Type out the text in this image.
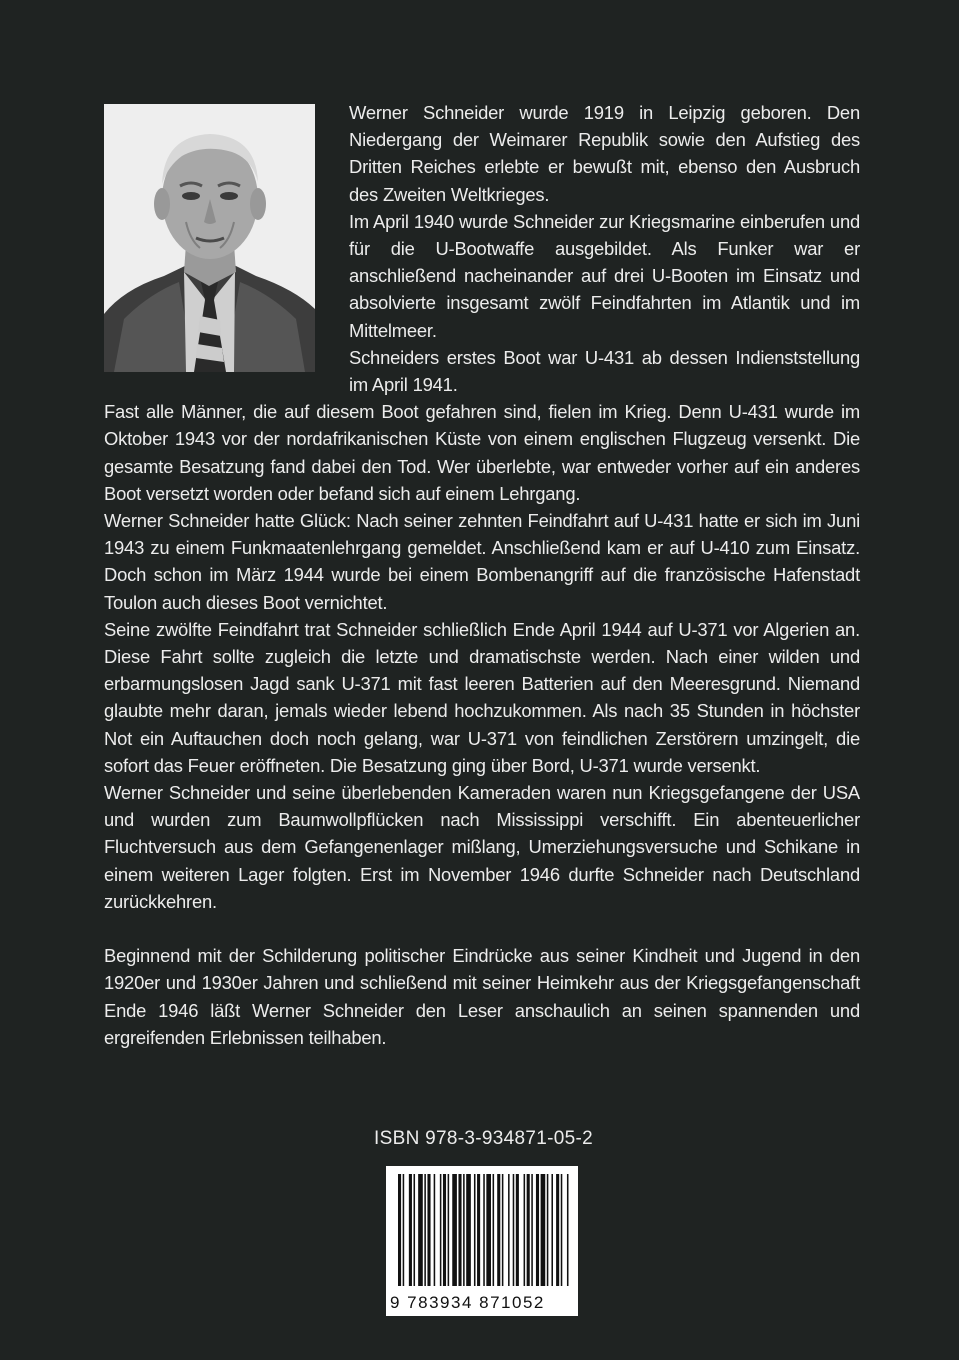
Werner Schneider wurde 1919 in Leipzig geboren. Den Niedergang der Weimarer Republik sowie den Aufstieg des Dritten Reiches erlebte er bewußt mit, ebenso den Ausbruch des Zweiten Weltkrieges.

Im April 1940 wurde Schneider zur Kriegsmarine einberufen und für die U-Bootwaffe ausgebildet. Als Funker war er anschließend nacheinander auf drei U-Booten im Einsatz und absolvierte insgesamt zwölf Feindfahrten im Atlantik und im Mittelmeer.

Schneiders erstes Boot war U-431 ab dessen Indienststellung im April 1941.

Fast alle Männer, die auf diesem Boot gefahren sind, fielen im Krieg. Denn U-431 wurde im Oktober 1943 vor der nordafrikanischen Küste von einem englischen Flugzeug versenkt. Die gesamte Besatzung fand dabei den Tod. Wer überlebte, war entweder vorher auf ein anderes Boot versetzt worden oder befand sich auf einem Lehrgang.

Werner Schneider hatte Glück: Nach seiner zehnten Feindfahrt auf U-431 hatte er sich im Juni 1943 zu einem Funkmaatenlehrgang gemeldet. Anschließend kam er auf U-410 zum Einsatz. Doch schon im März 1944 wurde bei einem Bombenangriff auf die französische Hafenstadt Toulon auch dieses Boot vernichtet.

Seine zwölfte Feindfahrt trat Schneider schließlich Ende April 1944 auf U-371 vor Algerien an. Diese Fahrt sollte zugleich die letzte und dramatischste werden. Nach einer wilden und erbarmungslosen Jagd sank U-371 mit fast leeren Batterien auf den Meeresgrund. Niemand glaubte mehr daran, jemals wieder lebend hochzukommen. Als nach 35 Stunden in höchster Not ein Auftauchen doch noch gelang, war U-371 von feindlichen Zerstörern umzingelt, die sofort das Feuer eröffneten. Die Besatzung ging über Bord, U-371 wurde versenkt.

Werner Schneider und seine überlebenden Kameraden waren nun Kriegsgefangene der USA und wurden zum Baumwollpflücken nach Mississippi verschifft. Ein abenteuerlicher Fluchtversuch aus dem Gefangenenlager mißlang, Umerziehungsversuche und Schikane in einem weiteren Lager folgten. Erst im November 1946 durfte Schneider nach Deutschland zurückkehren.

Beginnend mit der Schilderung politischer Eindrücke aus seiner Kindheit und Jugend in den 1920er und 1930er Jahren und schließend mit seiner Heimkehr aus der Kriegsgefangenschaft Ende 1946 läßt Werner Schneider den Leser anschaulich an seinen spannenden und ergreifenden Erlebnissen teilhaben.

ISBN 978-3-934871-05-2
9 783934 871052
